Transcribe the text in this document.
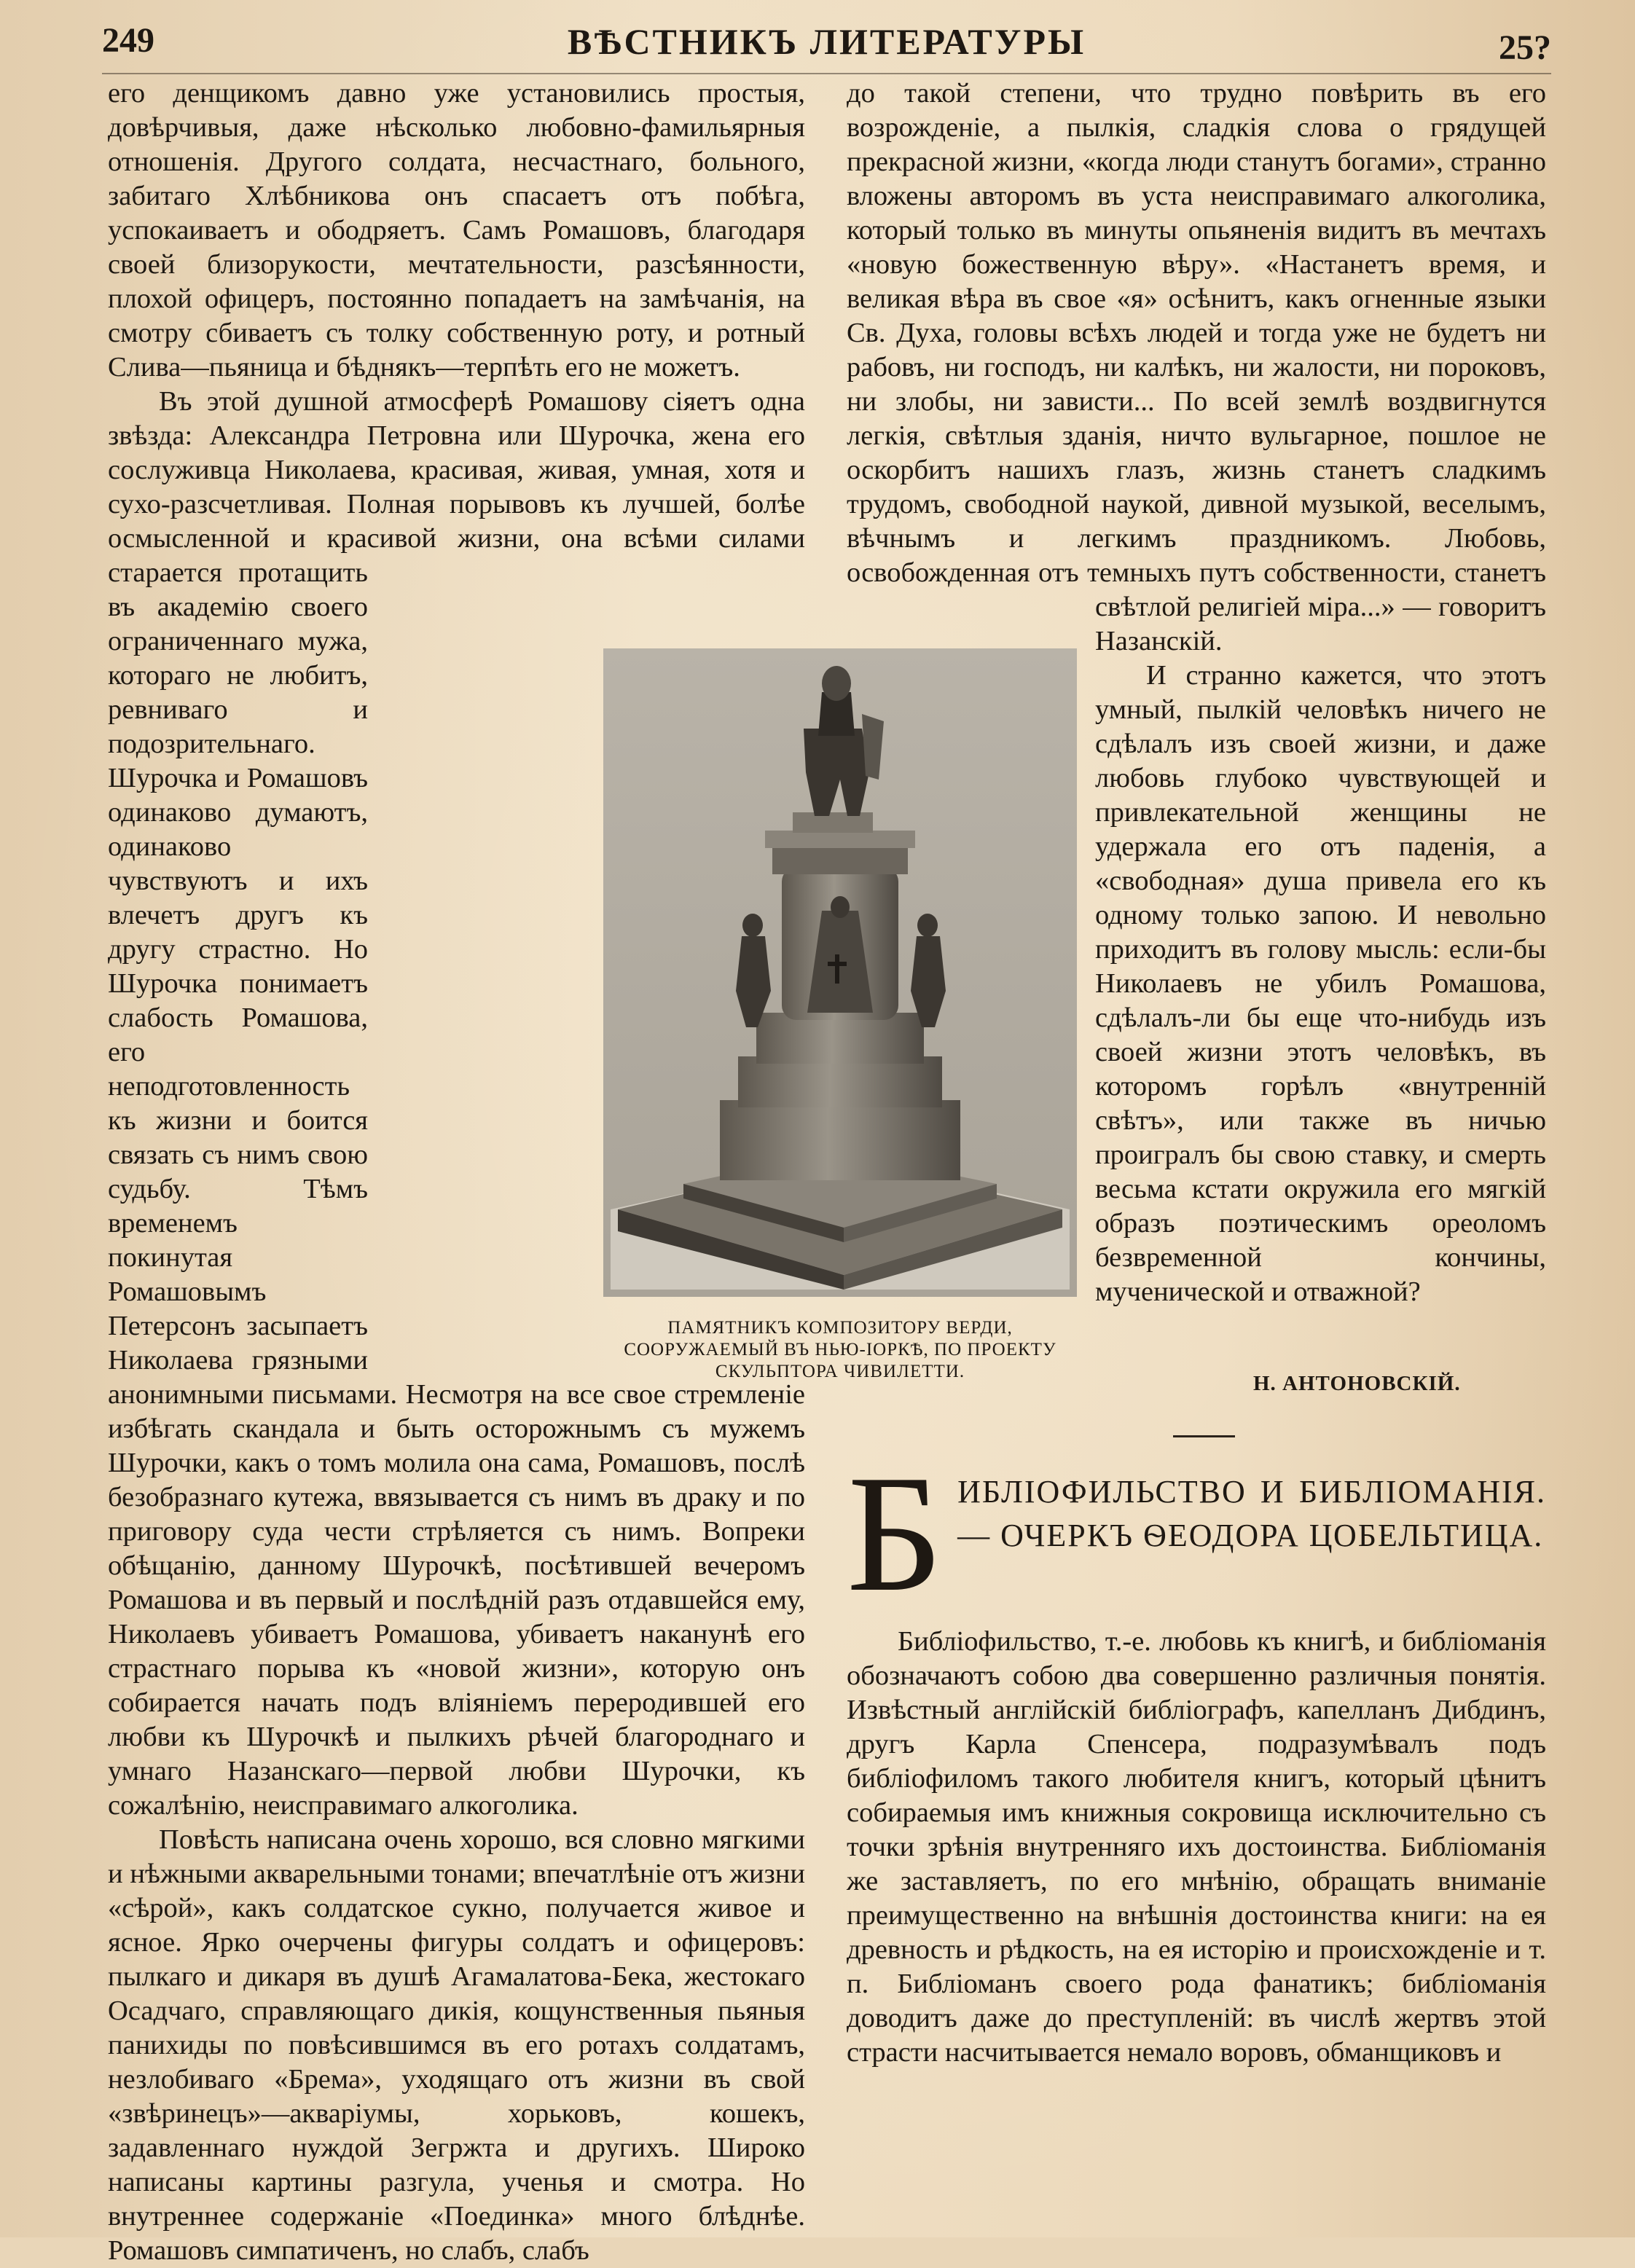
249	ВѢСТНИКЪ ЛИТЕРАТУРЫ	25?

его денщикомъ давно уже установились простыя, довѣрчивыя, даже нѣсколько любовно-фамильярныя отношенія. Другого солдата, несчастнаго, больного, забитаго Хлѣбникова онъ спасаетъ отъ побѣга, успокаиваетъ и ободряетъ. Самъ Ромашовъ, благодаря своей близорукости, мечтательности, разсѣянности, плохой офицеръ, постоянно попадаетъ на замѣчанія, на смотру сбиваетъ съ толку собственную роту, и ротный Слива—пьяница и бѣднякъ—терпѣть его не можетъ.

Въ этой душной атмосферѣ Ромашову сіяетъ одна звѣзда: Александра Петровна или Шурочка, жена его сослуживца Николаева, красивая, живая, умная, хотя и сухо-разсчетливая. Полная порывовъ къ лучшей, болѣе осмысленной и красивой жизни, она всѣми силами старается протащить въ академію своего ограниченнаго мужа, котораго не любитъ, ревниваго и подозрительнаго. Шурочка и Ромашовъ одинаково думаютъ, одинаково чувствуютъ и ихъ влечетъ другъ къ другу страстно. Но Шурочка понимаетъ слабость Ромашова, его неподготовленность къ жизни и боится связать съ нимъ свою судьбу. Тѣмъ временемъ покинутая Ромашовымъ Петерсонъ засыпаетъ Николаева грязными анонимными письмами. Несмотря на все свое стремленіе избѣгать скандала и быть осторожнымъ съ мужемъ Шурочки, какъ о томъ молила она сама, Ромашовъ, послѣ безобразнаго кутежа, ввязывается съ нимъ въ драку и по приговору суда чести стрѣляется съ нимъ. Вопреки обѣщанію, данному Шурочкѣ, посѣтившей вечеромъ Ромашова и въ первый и послѣдній разъ отдавшейся ему, Николаевъ убиваетъ Ромашова, убиваетъ наканунѣ его страстнаго порыва къ «новой жизни», которую онъ собирается начать подъ вліяніемъ переродившей его любви къ Шурочкѣ и пылкихъ рѣчей благороднаго и умнаго Назанскаго—первой любви Шурочки, къ сожалѣнію, неисправимаго алкоголика.

Повѣсть написана очень хорошо, вся словно мягкими и нѣжными акварельными тонами; впечатлѣніе отъ жизни «сѣрой», какъ солдатское сукно, получается живое и ясное. Ярко очерчены фигуры солдатъ и офицеровъ: пылкаго и дикаря въ душѣ Агамалатова-Бека, жестокаго Осадчаго, справляющаго дикія, кощунственныя пьяныя панихиды по повѣсившимся въ его ротахъ солдатамъ, незлобиваго «Брема», уходящаго отъ жизни въ свой «звѣринецъ»—акваріумы, хорьковъ, кошекъ, задавленнаго нуждой Зегржта и другихъ. Широко написаны картины разгула, ученья и смотра. Но внутреннее содержаніе «Поединка» много блѣднѣе. Ромашовъ симпатиченъ, но слабъ, слабъ

до такой степени, что трудно повѣрить въ его возрожденіе, а пылкія, сладкія слова о грядущей прекрасной жизни, «когда люди станутъ богами», странно вложены авторомъ въ уста неисправимаго алкоголика, который только въ минуты опьяненія видитъ въ мечтахъ «новую божественную вѣру». «Настанетъ время, и великая вѣра въ свое «я» осѣнитъ, какъ огненные языки Св. Духа, головы всѣхъ людей и тогда уже не будетъ ни рабовъ, ни господъ, ни калѣкъ, ни жалости, ни пороковъ, ни злобы, ни зависти... По всей землѣ воздвигнутся легкія, свѣтлыя зданія, ничто вульгарное, пошлое не оскорбитъ нашихъ глазъ, жизнь станетъ сладкимъ трудомъ, свободной наукой, дивной музыкой, веселымъ, вѣчнымъ и легкимъ праздникомъ. Любовь, освобожденная отъ темныхъ путъ собственности, станетъ свѣтлой религіей міра...» — говоритъ Назанскій.

И странно кажется, что этотъ умный, пылкій человѣкъ ничего не сдѣлалъ изъ своей жизни, и даже любовь глубоко чувствующей и привлекательной женщины не удержала его отъ паденія, а «свободная» душа привела его къ одному только запою. И невольно приходитъ въ голову мысль: если-бы Николаевъ не убилъ Ромашова, сдѣлалъ-ли бы еще что-нибудь изъ своей жизни этотъ человѣкъ, въ которомъ горѣлъ «внутренній свѣтъ», или также въ ничью проигралъ бы свою ставку, и смерть весьма кстати окружила его мягкій образъ поэтическимъ ореоломъ безвременной кончины, мученической и отважной?

ПАМЯТНИКЪ КОМПОЗИТОРУ ВЕРДИ, СООРУЖАЕМЫЙ ВЪ НЬЮ-ІОРКѢ, ПО ПРОЕКТУ СКУЛЬПТОРА ЧИВИЛЕТТИ.
Н. АНТОНОВСКІЙ.
Б ИБЛIОФИЛЬСТВО И БИБЛІОМАНІЯ. — ОЧЕРКЪ ѲЕОДОРА ЦОБЕЛЬТИЦА.

Библіофильство, т.-е. любовь къ книгѣ, и библіоманія обозначаютъ собою два совершенно различныя понятія. Извѣстный англійскій библіографъ, капелланъ Дибдинъ, другъ Карла Спенсера, подразумѣвалъ подъ библіофиломъ такого любителя книгъ, который цѣнитъ собираемыя имъ книжныя сокровища исключительно съ точки зрѣнія внутренняго ихъ достоинства. Библіоманія же заставляетъ, по его мнѣнію, обращать вниманіе преимущественно на внѣшнія достоинства книги: на ея древность и рѣдкость, на ея исторію и происхожденіе и т. п. Библіоманъ своего рода фанатикъ; библіоманія доводитъ даже до преступленій: въ числѣ жертвъ этой страсти насчитывается немало воровъ, обманщиковъ и
